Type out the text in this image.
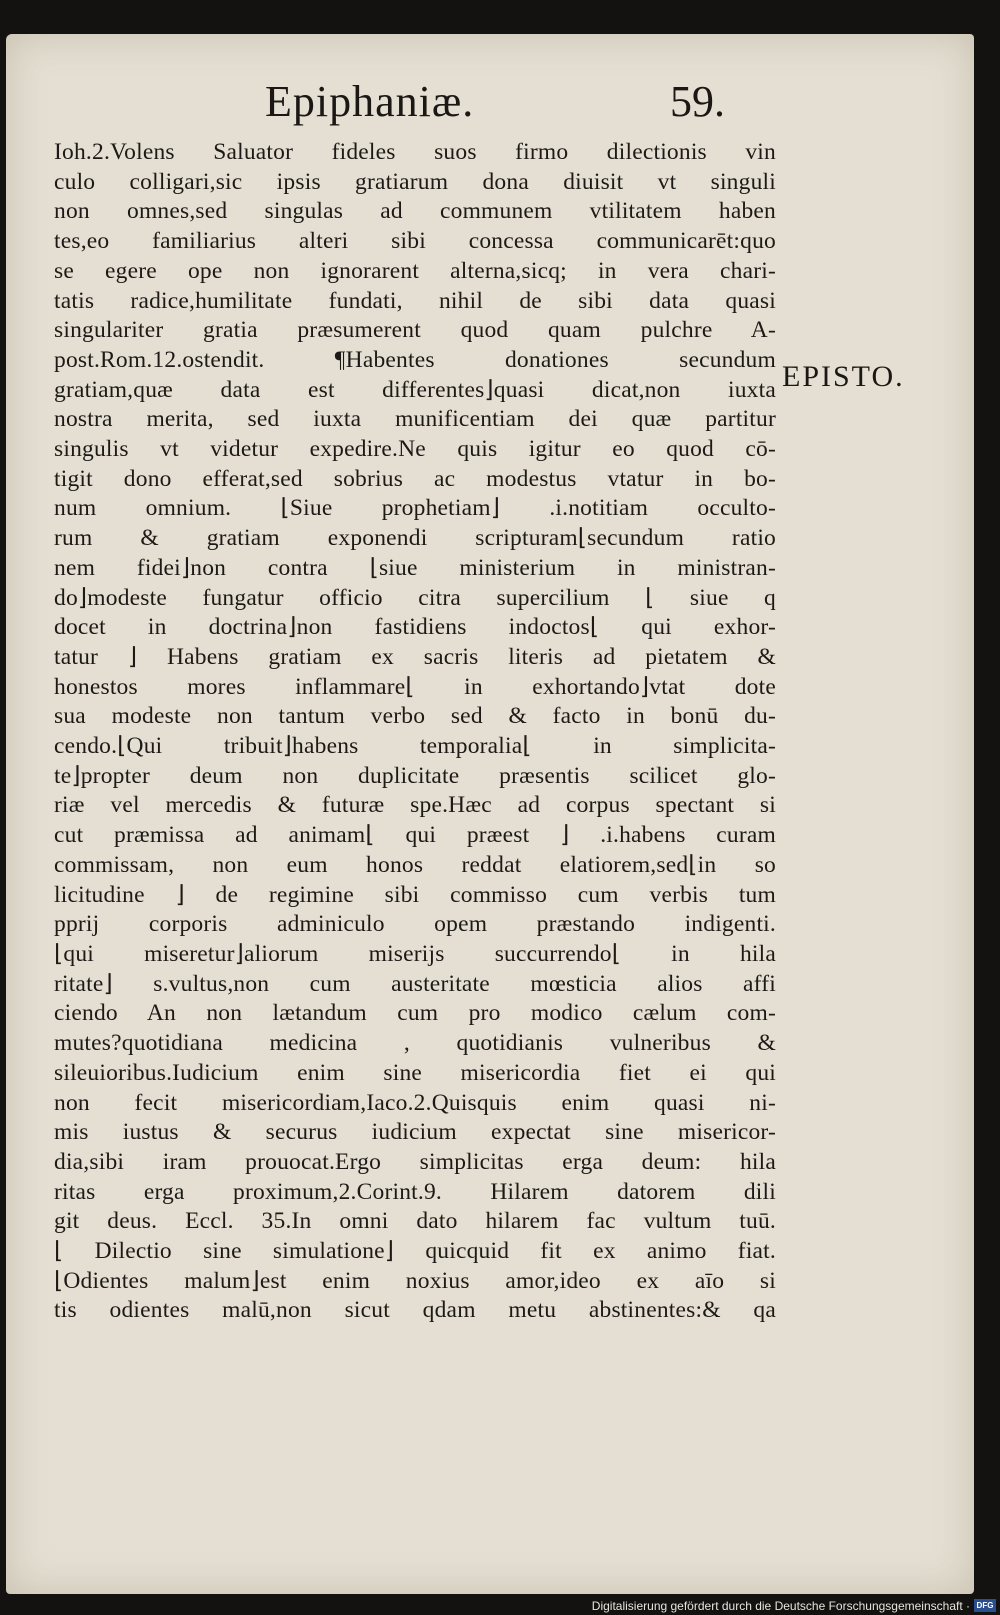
Epiphaniæ.	59.
EPISTO.
Ioh.2.Volens Saluator fideles suos firmo dilectionis vin
culo colligari,sic ipsis gratiarum dona diuisit vt singuli
non omnes,sed singulas ad communem vtilitatem haben
tes,eo familiarius alteri sibi concessa communicarēt:quo
se egere ope non ignorarent alterna,sicq; in vera chari-
tatis radice,humilitate fundati, nihil de sibi data quasi
singulariter gratia præsumerent quod quam pulchre A-
post.Rom.12.ostendit. ¶Habentes donationes secundum
gratiam,quæ data est differentes⌋quasi dicat,non iuxta
nostra merita, sed iuxta munificentiam dei quæ partitur
singulis vt videtur expedire.Ne quis igitur eo quod cō-
tigit dono efferat,sed sobrius ac modestus vtatur in bo-
num omnium. ⌊Siue prophetiam⌋ .i.notitiam occulto-
rum & gratiam exponendi scripturam⌊secundum ratio
nem fidei⌋non contra ⌊siue ministerium in ministran-
do⌋modeste fungatur officio citra supercilium ⌊ siue q
docet in doctrina⌋non fastidiens indoctos⌊ qui exhor-
tatur ⌋ Habens gratiam ex sacris literis ad pietatem &
honestos mores inflammare⌊ in exhortando⌋vtat dote
sua modeste non tantum verbo sed & facto in bonū du-
cendo.⌊Qui tribuit⌋habens temporalia⌊ in simplicita-
te⌋propter deum non duplicitate præsentis scilicet glo-
riæ vel mercedis & futuræ spe.Hæc ad corpus spectant si
cut præmissa ad animam⌊ qui præest ⌋ .i.habens curam
commissam, non eum honos reddat elatiorem,sed⌊in so
licitudine ⌋ de regimine sibi commisso cum verbis tum
pprij corporis adminiculo opem præstando indigenti.
⌊qui miseretur⌋aliorum miserijs succurrendo⌊ in hila
ritate⌋ s.vultus,non cum austeritate mœsticia alios affi
ciendo An non lætandum cum pro modico cælum com-
mutes?quotidiana medicina , quotidianis vulneribus &
sileuioribus.Iudicium enim sine misericordia fiet ei qui
non fecit misericordiam,Iaco.2.Quisquis enim quasi ni-
mis iustus & securus iudicium expectat sine misericor-
dia,sibi iram prouocat.Ergo simplicitas erga deum: hila
ritas erga proximum,2.Corint.9. Hilarem datorem dili
git deus. Eccl. 35.In omni dato hilarem fac vultum tuū.
⌊ Dilectio sine simulatione⌋ quicquid fit ex animo fiat.
⌊Odientes malum⌋est enim noxius amor,ideo ex aīo si
tis odientes malū,non sicut qdam metu abstinentes:& qa
Digitalisierung gefördert durch die Deutsche Forschungsgemeinschaft · DFG
